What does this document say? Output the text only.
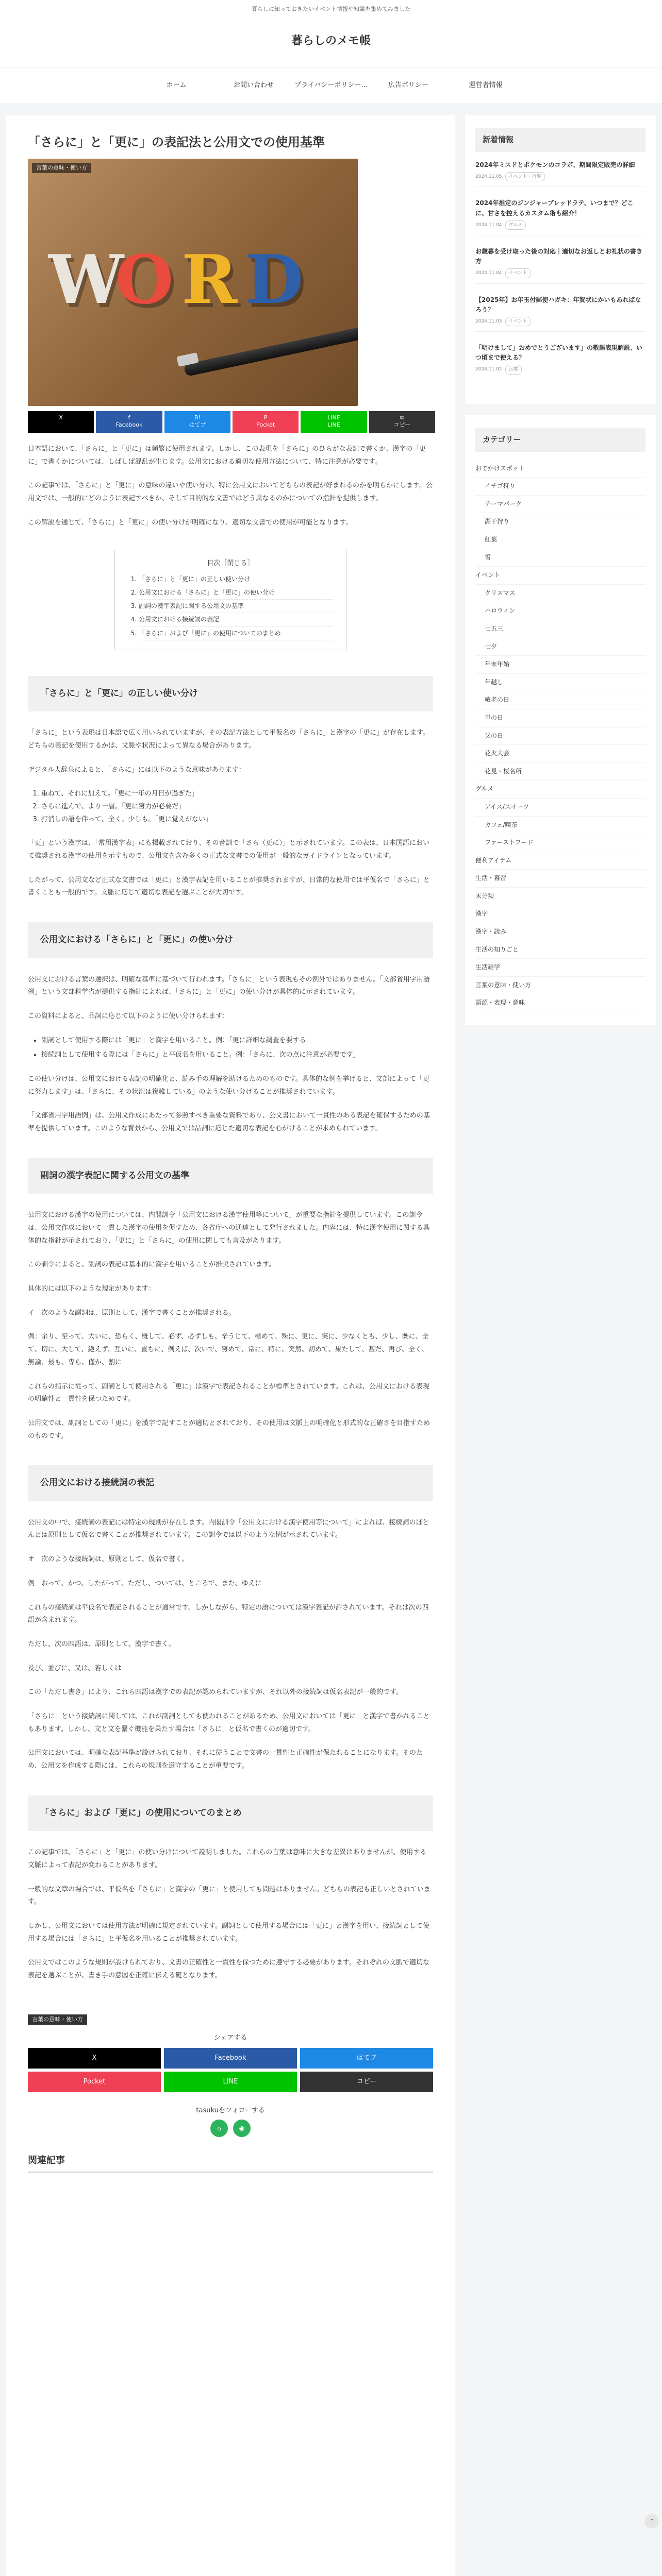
暮らしに知っておきたいイベント情報や知識を集めてみました
暮らしのメモ帳
ホーム	お問い合わせ	プライバシーポリシー...	広告ポリシー	運営者情報
「さらに」と「更に」の表記法と公用文での使用基準
言葉の意味・使い方
W
O R D
X	f
Facebook
B!
はてブ
P
Pocket
LINE
LINE
⧉
コピー

日本語において、「さらに」と「更に」は頻繁に使用されます。しかし、この表現を「さらに」のひらがな表記で書くか、漢字の「更に」で書くかについては、しばしば混乱が生じます。公用文における適切な使用方法について、特に注意が必要です。

この記事では、「さらに」と「更に」の意味の違いや使い分け、特に公用文においてどちらの表記が好まれるのかを明らかにします。公用文では、一般的にどのように表記すべきか、そして目的的な文書ではどう異なるのかについての指針を提供します。

この解説を通じて、「さらに」と「更に」の使い分けが明確になり、適切な文書での使用が可能となります。

目次［閉じる］
1. 「さらに」と「更に」の正しい使い分け
2. 公用文における「さらに」と「更に」の使い分け
3. 副詞の漢字表記に関する公用文の基準
4. 公用文における接続詞の表記
5. 「さらに」および「更に」の使用についてのまとめ
「さらに」と「更に」の正しい使い分け

「さらに」という表現は日本語で広く用いられていますが、その表記方法として平仮名の「さらに」と漢字の「更に」が存在します。どちらの表記を使用するかは、文脈や状況によって異なる場合があります。

デジタル大辞泉によると、「さらに」には以下のような意味があります：

1. 重ねて、それに加えて。「更に一年の月日が過ぎた」
2. さらに進んで、より一層。「更に努力が必要だ」
3. 打消しの語を伴って、全く。少しも。「更に覚えがない」

「更」という漢字は、「常用漢字表」にも掲載されており、その音訓で「さら（更に）」と示されています。この表は、日本国語において推奨される漢字の使用を示すもので、公用文を含む多くの正式な文書での使用が一般的なガイドラインとなっています。

したがって、公用文など正式な文書では「更に」と漢字表記を用いることが推奨されますが、日常的な使用では平仮名で「さらに」と書くことも一般的です。文脈に応じて適切な表記を選ぶことが大切です。

公用文における「さらに」と「更に」の使い分け

公用文における言葉の選択は、明確な基準に基づいて行われます。「さらに」という表現もその例外ではありません。「文部省用字用語例」という文部科学省が提供する指針によれば、「さらに」と「更に」の使い分けが具体的に示されています。

この資料によると、品詞に応じて以下のように使い分けられます：

• 副詞として使用する際には「更に」と漢字を用いること。例：「更に詳細な調査を要する」
• 接続詞として使用する際には「さらに」と平仮名を用いること。例：「さらに、次の点に注意が必要です」

この使い分けは、公用文における表記の明確化と、読み手の理解を助けるためのものです。具体的な例を挙げると、文部によって「更に努力します」は、「さらに、その状況は複雑している」のような使い分けることが推奨されています。

「文部省用字用語例」は、公用文作成にあたって参照すべき重要な資料であり、公文書において一貫性のある表記を確保するための基準を提供しています。このような背景から、公用文では品詞に応じた適切な表記を心がけることが求められています。

副詞の漢字表記に関する公用文の基準

公用文における漢字の使用については、内閣訓令「公用文における漢字使用等について」が重要な指針を提供しています。この訓令は、公用文作成において一貫した漢字の使用を促すため、各省庁への通達として発行されました。内容には、特に漢字使用に関する具体的な指針が示されており、「更に」と「さらに」の使用に関しても言及があります。

この訓令によると、副詞の表記は基本的に漢字を用いることが推奨されています。

具体的には以下のような規定があります：

イ　次のような副詞は、原則として、漢字で書くことが推奨される。

例：余り、至って、大いに、恐らく、概して、必ず、必ずしも、辛うじて、極めて、殊に、更に、実に、少なくとも、少し、既に、全て、切に、大して、絶えず、互いに、直ちに、例えば、次いで、努めて、常に、特に、突然、初めて、果たして、甚だ、再び、全く、無論、最も、専ら、僅か、割に

これらの指示に従って、副詞として使用される「更に」は漢字で表記されることが標準とされています。これは、公用文における表現の明確性と一貫性を保つためです。

公用文では、副詞としての「更に」を漢字で記すことが適切とされており、その使用は文脈上の明確化と形式的な正確さを目指すためのものです。

公用文における接続詞の表記

公用文の中で、接続詞の表記には特定の規則が存在します。内閣訓令「公用文における漢字使用等について」によれば、接続詞のほとんどは原則として仮名で書くことが推奨されています。この訓令では以下のような例が示されています。

オ　次のような接続詞は、原則として、仮名で書く。

例　おって、かつ、したがって、ただし、ついては、ところで、また、ゆえに

これらの接続詞は平仮名で表記されることが通常です。しかしながら、特定の語については漢字表記が許されています。それは次の四語が含まれます。

ただし、次の四語は、原則として、漢字で書く。

及び、並びに、又は、若しくは

この「ただし書き」により、これら四語は漢字での表記が認められていますが、それ以外の接続詞は仮名表記が一般的です。

「さらに」という接続詞に関しては、これが副詞としても使われることがあるため、公用文においては「更に」と漢字で書かれることもあります。しかし、文と文を繋ぐ機能を果たす場合は「さらに」と仮名で書くのが適切です。

公用文においては、明確な表記基準が設けられており、それに従うことで文書の一貫性と正確性が保たれることになります。そのため、公用文を作成する際には、これらの規則を遵守することが重要です。

「さらに」および「更に」の使用についてのまとめ

この記事では、「さらに」と「更に」の使い分けについて説明しました。これらの言葉は意味に大きな差異はありませんが、使用する文脈によって表記が変わることがあります。

一般的な文章の場合では、平仮名を「さらに」と漢字の「更に」と使用しても問題はありません。どちらの表記も正しいとされています。

しかし、公用文においては使用方法が明確に規定されています。副詞として使用する場合には「更に」と漢字を用い、接続詞として使用する場合には「さらに」と平仮名を用いることが推奨されています。

公用文ではこのような規則が設けられており、文書の正確性と一貫性を保つために遵守する必要があります。それぞれの文脈で適切な表記を選ぶことが、書き手の意図を正確に伝える鍵となります。

言葉の意味・使い方
シェアする
X	Facebook	はてブ
Pocket	LINE	コピー
tasukuをフォローする
⌂	◉
関連記事
新着情報
2024年ミスドとポケモンのコラボ、期間限定販売の詳細
2024.11.05 イベント・行事
2024年推定のジンジャーブレッドラテ、いつまで？どこに、甘さを控えるカスタム術も紹介！
2024.11.04 グルメ
お歳暮を受け取った後の対応｜適切なお返しとお礼状の書き方
2024.11.04 イベント
【2025年】お年玉付郵便ハガキ：年賀状にかいもあればなろう？
2024.11.03 イベント
「明けまして」おめでとうございます」の敬語表現解説、いつ頃まで使える？
2024.11.02 言葉
カテゴリー
おでかけスポット
イチゴ狩り
テーマパーク
湖干狩り
紅葉
雪
イベント
クリスマス
ハロウィン
七五三
七夕
年末年始
年越し
敬老の日
母の日
父の日
花火大会
花見・桜名所
グルメ
アイス/スイーツ
カフェ/喫茶
ファーストフード
便利アイテム
生活・暮習
未分類
漢字
漢字・読み
生活の知りごと
生活雑学
言葉の意味・使い方
語源・表現・意味
⌃
